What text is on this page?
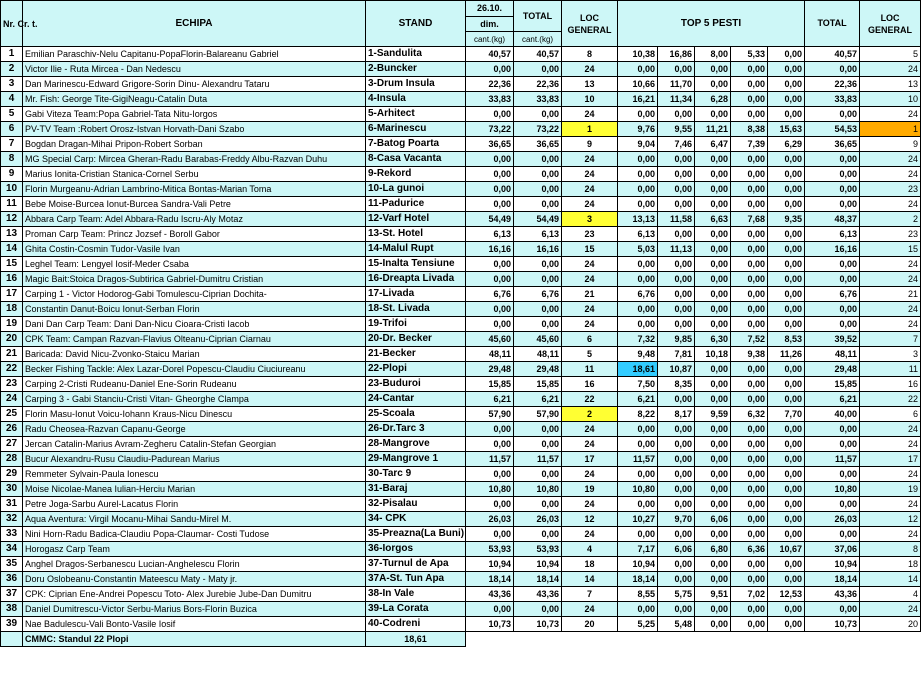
Nr. Cr. t.	ECHIPA	STAND	26.10.	TOTAL	LOC GENERAL	TOP 5 PESTI					TOTAL	LOC GENERAL
			dim.									
			cant.(kg)	cant.(kg)								
1	Emilian Paraschiv-Nelu Capitanu-PopaFlorin-Balareanu Gabriel	1-Sandulita	40,57	40,57	8	10,38	16,86	8,00	5,33	0,00	40,57	5
2	Victor Ilie - Ruta Mircea - Dan Nedescu	2-Buncker	0,00	0,00	24	0,00	0,00	0,00	0,00	0,00	0,00	24
3	Dan Marinescu-Edward Grigore-Sorin Dinu- Alexandru Tataru	3-Drum Insula	22,36	22,36	13	10,66	11,70	0,00	0,00	0,00	22,36	13
4	Mr. Fish: George Tite-GigiNeagu-Catalin Duta	4-Insula	33,83	33,83	10	16,21	11,34	6,28	0,00	0,00	33,83	10
5	Gabi Viteza Team:Popa Gabriel-Tata Nitu-Iorgos	5-Arhitect	0,00	0,00	24	0,00	0,00	0,00	0,00	0,00	0,00	24
6	PV-TV Team :Robert Orosz-Istvan Horvath-Dani Szabo	6-Marinescu	73,22	73,22	1	9,76	9,55	11,21	8,38	15,63	54,53	1
7	Bogdan Dragan-Mihai Pripon-Robert Sorban	7-Batog Poarta	36,65	36,65	9	9,04	7,46	6,47	7,39	6,29	36,65	9
8	MG Special Carp: Mircea Gheran-Radu Barabas-Freddy Albu-Razvan Duhu	8-Casa Vacanta	0,00	0,00	24	0,00	0,00	0,00	0,00	0,00	0,00	24
9	Marius Ionita-Cristian Stanica-Cornel Serbu	9-Rekord	0,00	0,00	24	0,00	0,00	0,00	0,00	0,00	0,00	24
10	Florin Murgeanu-Adrian Lambrino-Mitica Bontas-Marian Toma	10-La gunoi	0,00	0,00	24	0,00	0,00	0,00	0,00	0,00	0,00	23
11	Bebe Moise-Burcea Ionut-Burcea Sandra-Vali Petre	11-Padurice	0,00	0,00	24	0,00	0,00	0,00	0,00	0,00	0,00	24
12	Abbara Carp Team: Adel Abbara-Radu Iscru-Aly Motaz	12-Varf Hotel	54,49	54,49	3	13,13	11,58	6,63	7,68	9,35	48,37	2
13	Proman Carp Team: Princz Jozsef - Boroll Gabor	13-St. Hotel	6,13	6,13	23	6,13	0,00	0,00	0,00	0,00	6,13	23
14	Ghita Costin-Cosmin Tudor-Vasile Ivan	14-Malul Rupt	16,16	16,16	15	5,03	11,13	0,00	0,00	0,00	16,16	15
15	Leghel Team: Lengyel Iosif-Meder Csaba	15-Inalta Tensiune	0,00	0,00	24	0,00	0,00	0,00	0,00	0,00	0,00	24
16	Magic Bait:Stoica Dragos-Subtirica Gabriel-Dumitru Cristian	16-Dreapta Livada	0,00	0,00	24	0,00	0,00	0,00	0,00	0,00	0,00	24
17	Carping 1 - Victor Hodorog-Gabi Tomulescu-Ciprian Dochita-	17-Livada	6,76	6,76	21	6,76	0,00	0,00	0,00	0,00	6,76	21
18	Constantin Danut-Boicu Ionut-Serban Florin	18-St. Livada	0,00	0,00	24	0,00	0,00	0,00	0,00	0,00	0,00	24
19	Dani Dan Carp Team: Dani Dan-Nicu Cioara-Cristi Iacob	19-Trifoi	0,00	0,00	24	0,00	0,00	0,00	0,00	0,00	0,00	24
20	CPK Team: Campan Razvan-Flavius Olteanu-Ciprian Ciarnau	20-Dr. Becker	45,60	45,60	6	7,32	9,85	6,30	7,52	8,53	39,52	7
21	Baricada: David Nicu-Zvonko-Staicu Marian	21-Becker	48,11	48,11	5	9,48	7,81	10,18	9,38	11,26	48,11	3
22	Becker Fishing Tackle: Alex Lazar-Dorel Popescu-Claudiu Ciuciureanu	22-Plopi	29,48	29,48	11	18,61	10,87	0,00	0,00	0,00	29,48	11
23	Carping 2-Cristi Rudeanu-Daniel Ene-Sorin Rudeanu	23-Buduroi	15,85	15,85	16	7,50	8,35	0,00	0,00	0,00	15,85	16
24	Carping 3 - Gabi Stanciu-Cristi Vitan- Gheorghe Clampa	24-Cantar	6,21	6,21	22	6,21	0,00	0,00	0,00	0,00	6,21	22
25	Florin Masu-Ionut Voicu-Iohann Kraus-Nicu Dinescu	25-Scoala	57,90	57,90	2	8,22	8,17	9,59	6,32	7,70	40,00	6
26	Radu Cheosea-Razvan Capanu-George	26-Dr.Tarc 3	0,00	0,00	24	0,00	0,00	0,00	0,00	0,00	0,00	24
27	Jercan Catalin-Marius Avram-Zegheru Catalin-Stefan Georgian	28-Mangrove	0,00	0,00	24	0,00	0,00	0,00	0,00	0,00	0,00	24
28	Bucur Alexandru-Rusu Claudiu-Padurean Marius	29-Mangrove 1	11,57	11,57	17	11,57	0,00	0,00	0,00	0,00	11,57	17
29	Remmeter Sylvain-Paula Ionescu	30-Tarc 9	0,00	0,00	24	0,00	0,00	0,00	0,00	0,00	0,00	24
30	Moise Nicolae-Manea Iulian-Herciu Marian	31-Baraj	10,80	10,80	19	10,80	0,00	0,00	0,00	0,00	10,80	19
31	Petre Joga-Sarbu Aurel-Lacatus Florin	32-Pisalau	0,00	0,00	24	0,00	0,00	0,00	0,00	0,00	0,00	24
32	Aqua Aventura: Virgil Mocanu-Mihai Sandu-Mirel M.	34- CPK	26,03	26,03	12	10,27	9,70	6,06	0,00	0,00	26,03	12
33	Nini Horn-Radu Badica-Claudiu Popa-Claumar- Costi Tudose	35-Preazna(La Buni)	0,00	0,00	24	0,00	0,00	0,00	0,00	0,00	0,00	24
34	Horogasz Carp Team	36-Iorgos	53,93	53,93	4	7,17	6,06	6,80	6,36	10,67	37,06	8
35	Anghel Dragos-Serbanescu Lucian-Anghelescu Florin	37-Turnul de Apa	10,94	10,94	18	10,94	0,00	0,00	0,00	0,00	10,94	18
36	Doru Oslobeanu-Constantin Mateescu Maty - Maty jr.	37A-St. Tun Apa	18,14	18,14	14	18,14	0,00	0,00	0,00	0,00	18,14	14
37	CPK: Ciprian Ene-Andrei Popescu Toto- Alex Jurebie Jube-Dan Dumitru	38-In Vale	43,36	43,36	7	8,55	5,75	9,51	7,02	12,53	43,36	4
38	Daniel Dumitrescu-Victor Serbu-Marius Bors-Florin Buzica	39-La Corata	0,00	0,00	24	0,00	0,00	0,00	0,00	0,00	0,00	24
39	Nae Badulescu-Vali Bonto-Vasile Iosif	40-Codreni	10,73	10,73	20	5,25	5,48	0,00	0,00	0,00	10,73	20
	CMMC: Standul 22 Plopi	18,61										
